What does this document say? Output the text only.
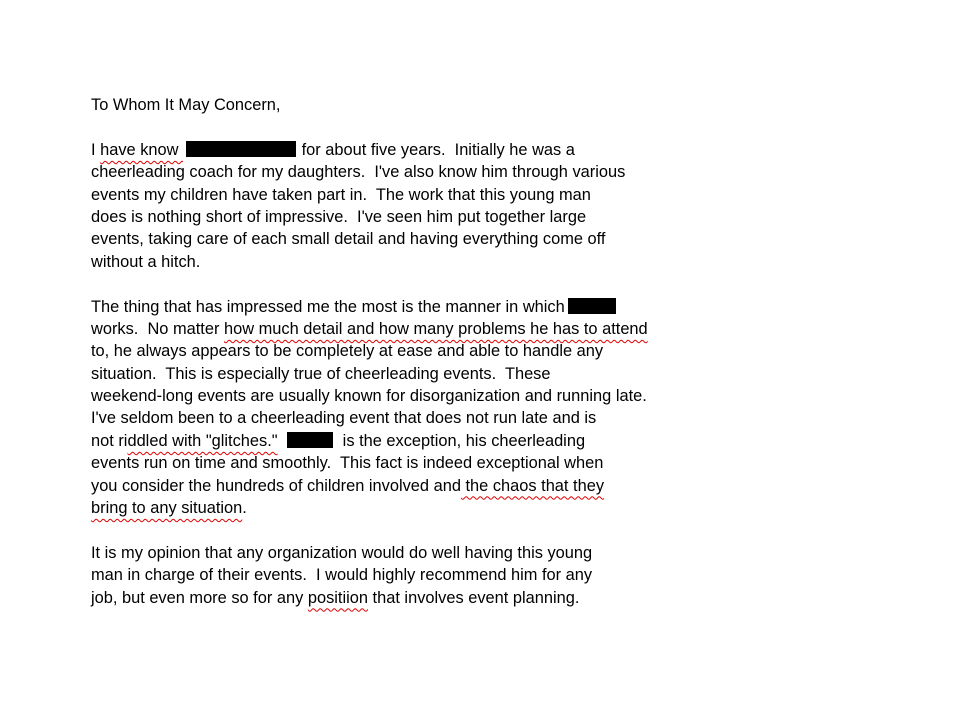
To Whom It May Concern,
I have know	for about five years.  Initially he was a
cheerleading coach for my daughters.  I've also know him through various
events my children have taken part in.  The work that this young man
does is nothing short of impressive.  I've seen him put together large
events, taking care of each small detail and having everything come off
without a hitch.
The thing that has impressed me the most is the manner in which
works.  No matter how much detail and how many problems he has to attend
to, he always appears to be completely at ease and able to handle any
situation.  This is especially true of cheerleading events.  These
weekend-long events are usually known for disorganization and running late.
I've seldom been to a cheerleading event that does not run late and is
not riddled with "glitches."	is the exception, his cheerleading
events run on time and smoothly.  This fact is indeed exceptional when
you consider the hundreds of children involved and the chaos that they
bring to any situation.
It is my opinion that any organization would do well having this young
man in charge of their events.  I would highly recommend him for any
job, but even more so for any positiion that involves event planning.
